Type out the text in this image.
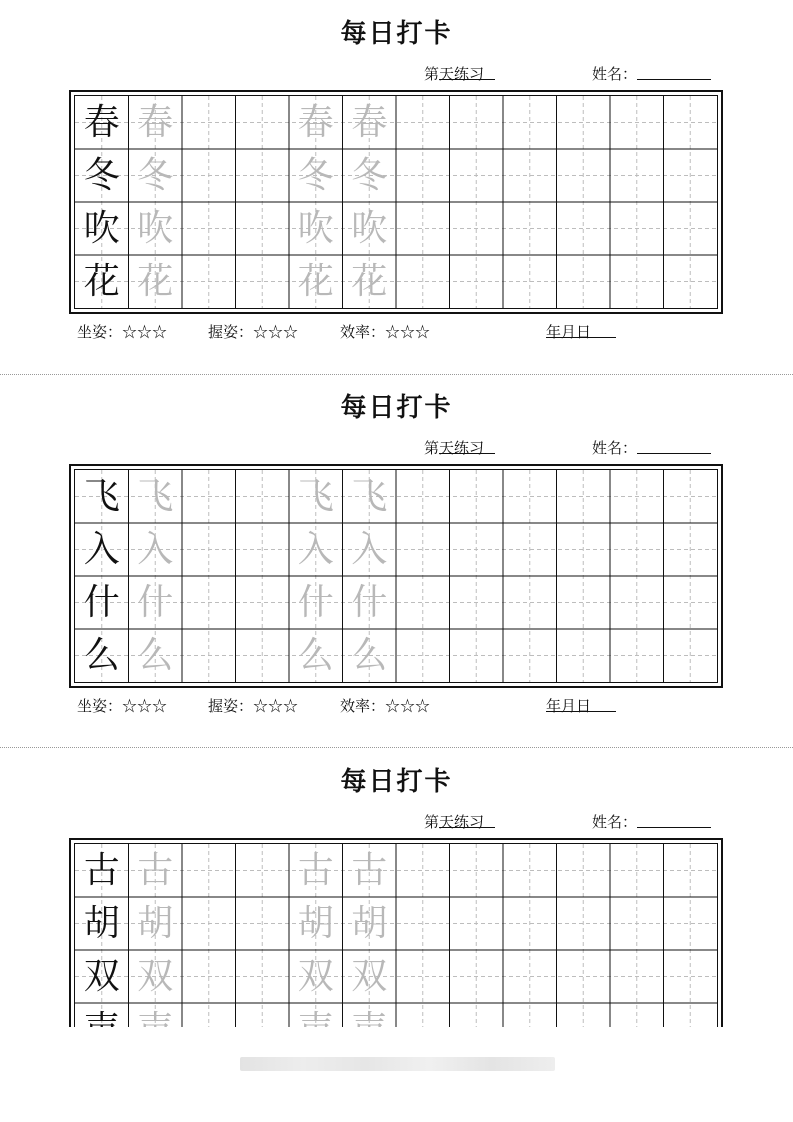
每日打卡
第
天练习	姓名：
春 春	春 春
冬 冬	冬 冬
吹 吹	吹 吹
花 花	花 花
坐姿：☆☆☆	握姿：☆☆☆	效率：☆☆☆	年
月
日
每日打卡
第
天练习	姓名：
飞 飞	飞 飞
入 入	入 入
什 什	什 什
么 么	么 么
坐姿：☆☆☆	握姿：☆☆☆	效率：☆☆☆	年
月
日
每日打卡
第
天练习	姓名：
古 古	古 古
胡 胡	胡 胡
双 双	双 双
